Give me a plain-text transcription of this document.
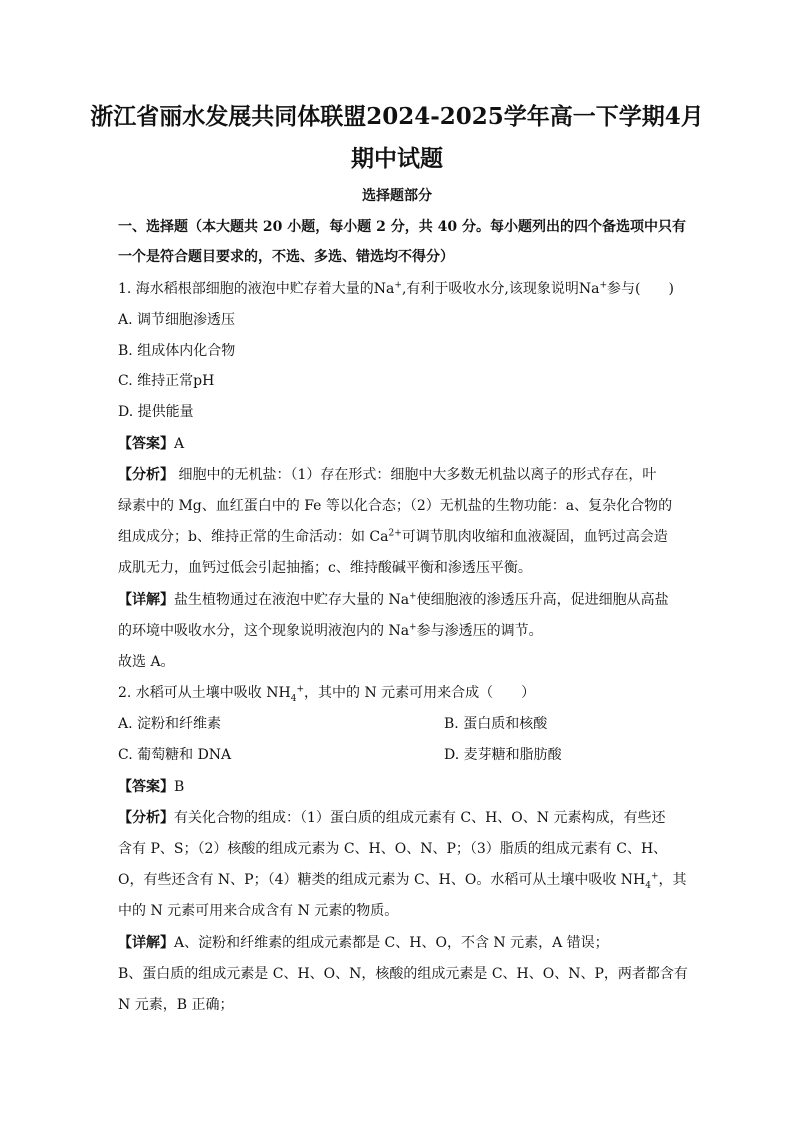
浙江省丽水发展共同体联盟2024-2025学年高一下学期4月
期中试题
选择题部分
一、选择题（本大题共 20 小题，每小题 2 分，共 40 分。每小题列出的四个备选项中只有
一个是符合题目要求的，不选、多选、错选均不得分）
1. 海水稻根部细胞的液泡中贮存着大量的Na+,有利于吸收水分,该现象说明Na+参与(　　)
A. 调节细胞渗透压
B. 组成体内化合物
C. 维持正常pH
D. 提供能量
【答案】A
【分析】 细胞中的无机盐：（1）存在形式：细胞中大多数无机盐以离子的形式存在，叶
绿素中的 Mg、血红蛋白中的 Fe 等以化合态；（2）无机盐的生物功能：a、复杂化合物的
组成成分；b、维持正常的生命活动：如 $Ca^{2+}$可调节肌肉收缩和血液凝固，血钙过高会造
成肌无力，血钙过低会引起抽搐；c、维持酸碱平衡和渗透压平衡。
【详解】盐生植物通过在液泡中贮存大量的 Na+使细胞液的渗透压升高，促进细胞从高盐
的环境中吸收水分，这个现象说明液泡内的 Na+参与渗透压的调节。
故选 A。
2. 水稻可从土壤中吸收 $NH_4^+$，其中的 N 元素可用来合成（　　）
A. 淀粉和纤维素	B. 蛋白质和核酸
C. 葡萄糖和 DNA	D. 麦芽糖和脂肪酸
【答案】B
【分析】有关化合物的组成：（1）蛋白质的组成元素有 C、H、O、N 元素构成，有些还
含有 P、S；（2）核酸的组成元素为 C、H、O、N、P；（3）脂质的组成元素有 C、H、
O，有些还含有 N、P；（4）糖类的组成元素为 C、H、O。水稻可从土壤中吸收 $NH_4^+$，其
中的 N 元素可用来合成含有 N 元素的物质。
【详解】A、淀粉和纤维素的组成元素都是 C、H、O，不含 N 元素，A 错误；
B、蛋白质的组成元素是 C、H、O、N，核酸的组成元素是 C、H、O、N、P，两者都含有
N 元素，B 正确；
